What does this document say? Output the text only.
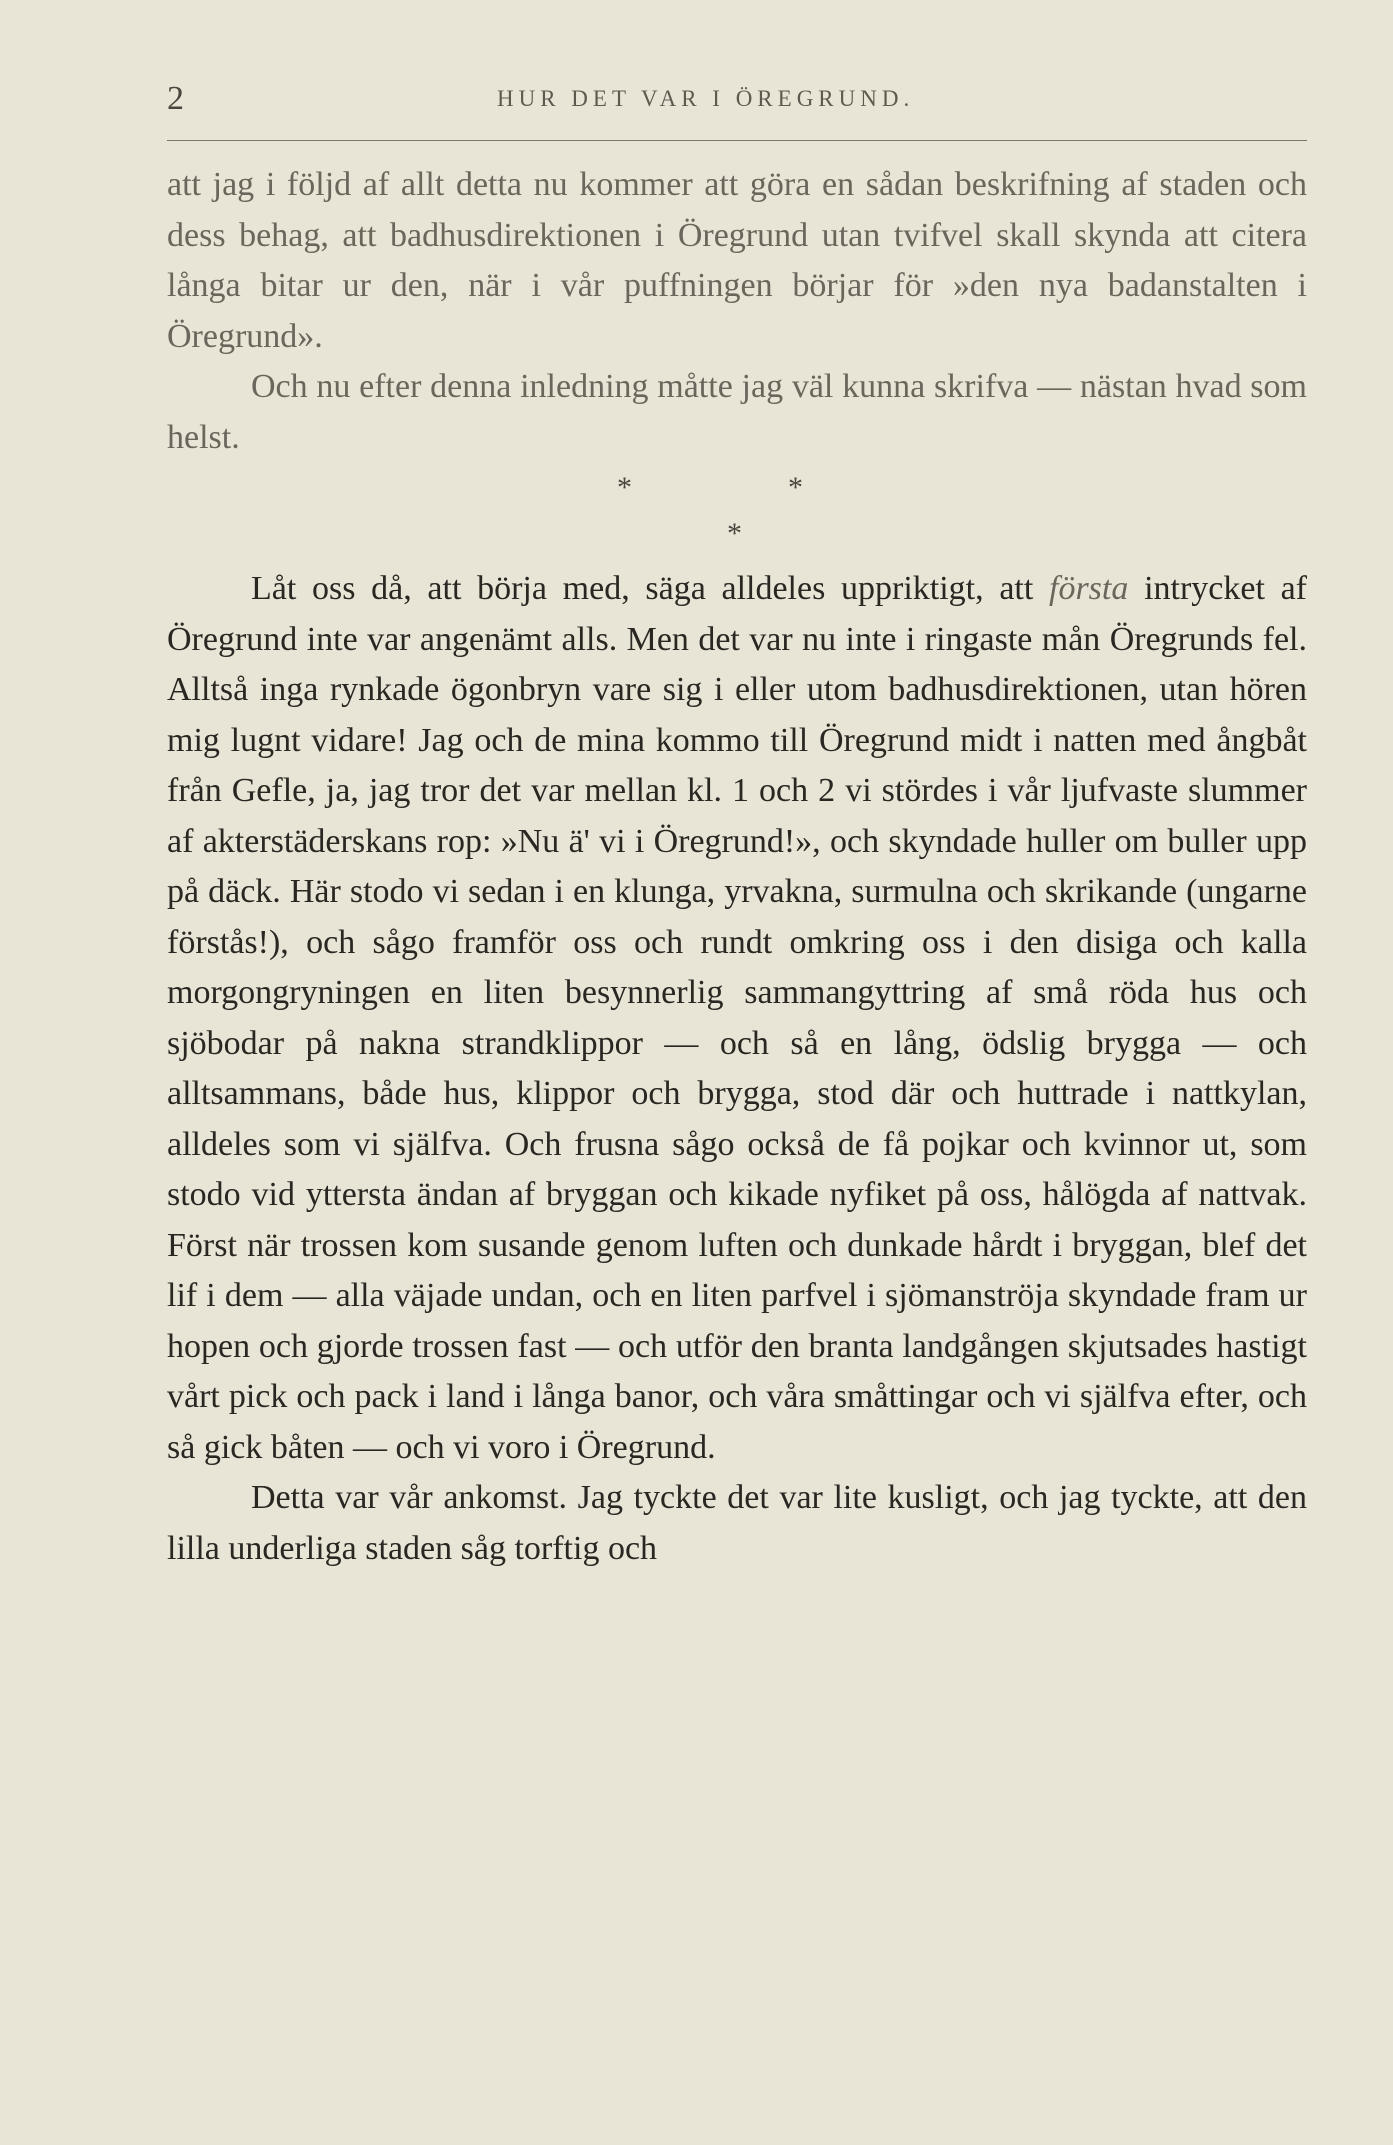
2	HUR DET VAR I ÖREGRUND.

att jag i följd af allt detta nu kommer att göra en sådan beskrifning af staden och dess behag, att badhusdirektionen i Öregrund utan tvifvel skall skynda att citera långa bitar ur den, när i vår puffningen börjar för »den nya badanstalten i Öregrund».

Och nu efter denna inledning måtte jag väl kunna skrifva — nästan hvad som helst.

*	*
*

Låt oss då, att börja med, säga alldeles uppriktigt, att första intrycket af Öregrund inte var angenämt alls. Men det var nu inte i ringaste mån Öregrunds fel. Alltså inga rynkade ögonbryn vare sig i eller utom badhusdirektionen, utan hören mig lugnt vidare! Jag och de mina kommo till Öregrund midt i natten med ångbåt från Gefle, ja, jag tror det var mellan kl. 1 och 2 vi stördes i vår ljufvaste slummer af akterstäderskans rop: »Nu ä' vi i Öregrund!», och skyndade huller om buller upp på däck. Här stodo vi sedan i en klunga, yrvakna, surmulna och skrikande (ungarne förstås!), och sågo framför oss och rundt omkring oss i den disiga och kalla morgongryningen en liten besynnerlig sammangyttring af små röda hus och sjöbodar på nakna strandklippor — och så en lång, ödslig brygga — och alltsammans, både hus, klippor och brygga, stod där och huttrade i nattkylan, alldeles som vi själfva. Och frusna sågo också de få pojkar och kvinnor ut, som stodo vid yttersta ändan af bryggan och kikade nyfiket på oss, hålögda af nattvak. Först när trossen kom susande genom luften och dunkade hårdt i bryggan, blef det lif i dem — alla väjade undan, och en liten parfvel i sjömanströja skyndade fram ur hopen och gjorde trossen fast — och utför den branta landgången skjutsades hastigt vårt pick och pack i land i långa banor, och våra småttingar och vi själfva efter, och så gick båten — och vi voro i Öregrund.

Detta var vår ankomst. Jag tyckte det var lite kusligt, och jag tyckte, att den lilla underliga staden såg torftig och
